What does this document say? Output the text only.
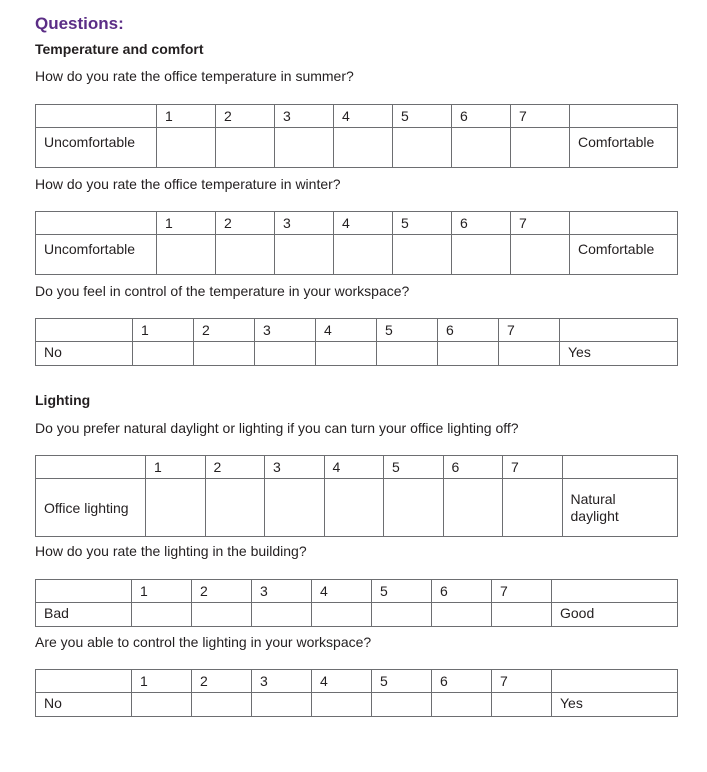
Questions:
Temperature and comfort
How do you rate the office temperature in summer?
	1	2	3	4	5	6	7	
Uncomfortable								Comfortable
How do you rate the office temperature in winter?
	1	2	3	4	5	6	7	
Uncomfortable								Comfortable
Do you feel in control of the temperature in your workspace?
	1	2	3	4	5	6	7	
No								Yes
Lighting
Do you prefer natural daylight or lighting if you can turn your office lighting off?
	1	2	3	4	5	6	7	
Office lighting								Natural
daylight
How do you rate the lighting in the building?
	1	2	3	4	5	6	7	
Bad								Good
Are you able to control the lighting in your workspace?
	1	2	3	4	5	6	7	
No								Yes
